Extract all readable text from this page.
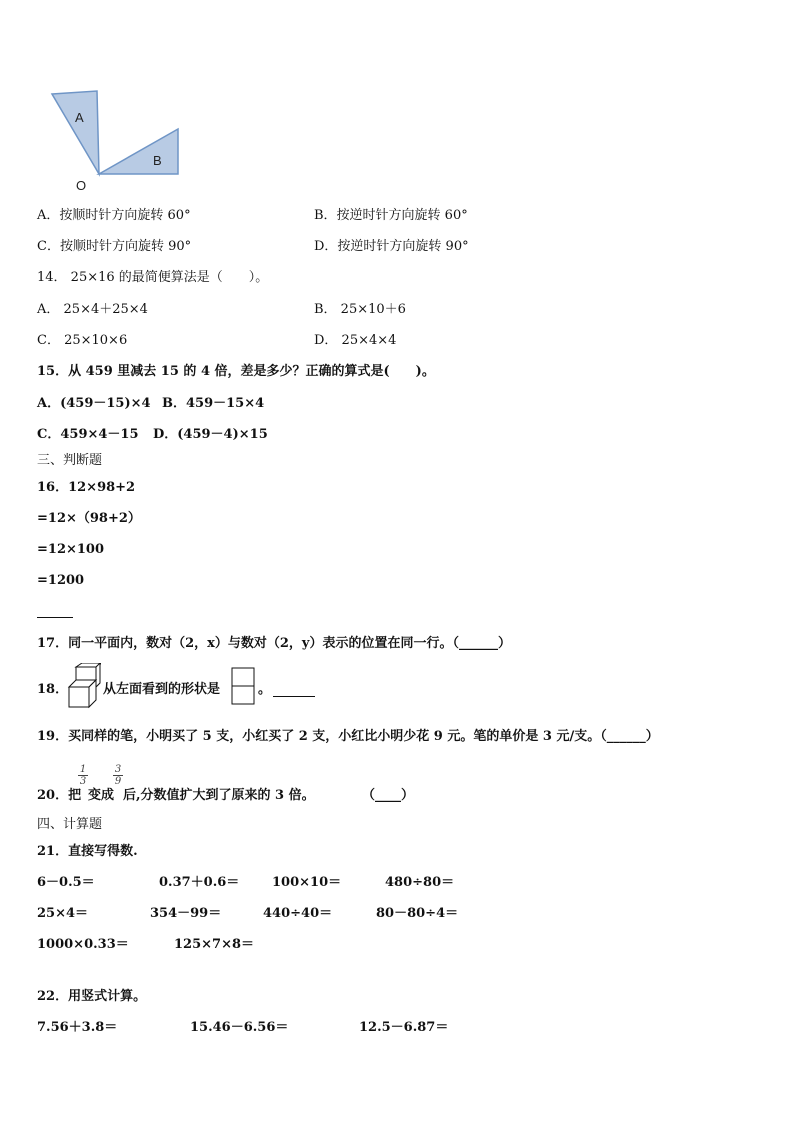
A
B
O
A．按顺时针方向旋转 60°	B．按逆时针方向旋转 60°
C．按顺时针方向旋转 90°	D．按逆时针方向旋转 90°
14． 25×16 的最简便算法是（　　）。
A． 25×4＋25×4	B． 25×10＋6
C． 25×10×6	D． 25×4×4
15．从 459 里减去 15 的 4 倍，差是多少？正确的算式是(　　)。
A．(459－15)×4 B．459－15×4
C．459×4－15 D．(459－4)×15
三、判断题
16．12×98+2
=12×（98+2）
=12×100
=1200
17．同一平面内，数对（2，x）与数对（2，y）表示的位置在同一行。（______）
18．	从左面看到的形状是	。
19．买同样的笔，小明买了 5 支，小红买了 2 支，小红比小明少花 9 元。笔的单价是 3 元/支。（______）
$\frac{1}{3}$	$\frac{3}{9}$
20．把 变成 后,分数值扩大到了原来的 3 倍。	（____）
四、计算题
21．直接写得数.
6－0.5＝	0.37＋0.6＝	100×10＝	480÷80＝
25×4＝	354－99＝	440÷40＝	80－80÷4＝
1000×0.33＝	125×7×8＝
22．用竖式计算。
7.56＋3.8＝	15.46－6.56＝	12.5－6.87＝
